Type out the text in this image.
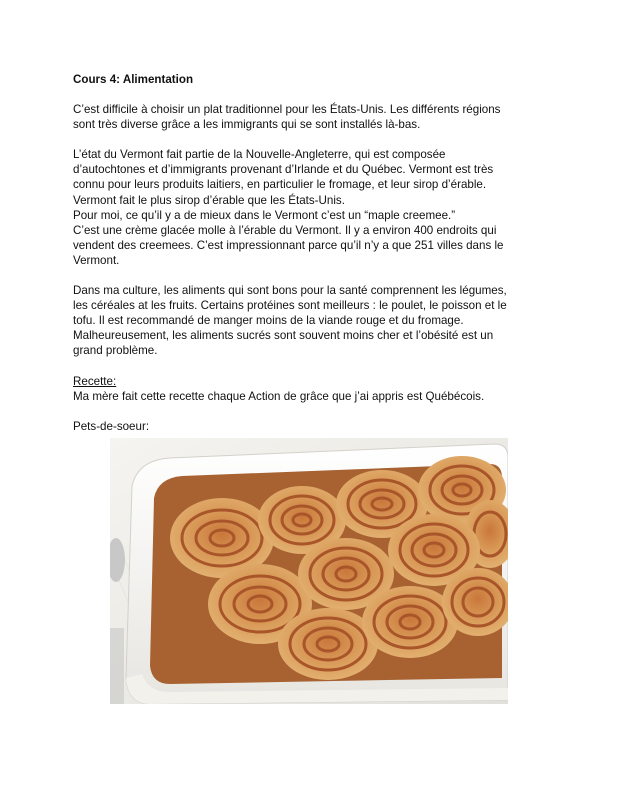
Cours 4: Alimentation

C’est difficile à choisir un plat traditionnel pour les États-Unis. Les différents régions
sont très diverse grâce a les immigrants qui se sont installés là-bas.

L’état du Vermont fait partie de la Nouvelle-Angleterre, qui est composée
d’autochtones et d’immigrants provenant d’Irlande et du Québec. Vermont est très
connu pour leurs produits laitiers, en particulier le fromage, et leur sirop d’érable.
Vermont fait le plus sirop d’érable que les États-Unis.
Pour moi, ce qu’il y a de mieux dans le Vermont c’est un “maple creemee.”
C’est une crème glacée molle à l’érable du Vermont. Il y a environ 400 endroits qui
vendent des creemees. C’est impressionnant parce qu’il n’y a que 251 villes dans le
Vermont.

Dans ma culture, les aliments qui sont bons pour la santé comprennent les légumes,
les céréales at les fruits. Certains protéines sont meilleurs : le poulet, le poisson et le
tofu. Il est recommandé de manger moins de la viande rouge et du fromage.
Malheureusement, les aliments sucrés sont souvent moins cher et l’obésité est un
grand problème.

Recette:
Ma mère fait cette recette chaque Action de grâce que j’ai appris est Québécois.

Pets-de-soeur:
